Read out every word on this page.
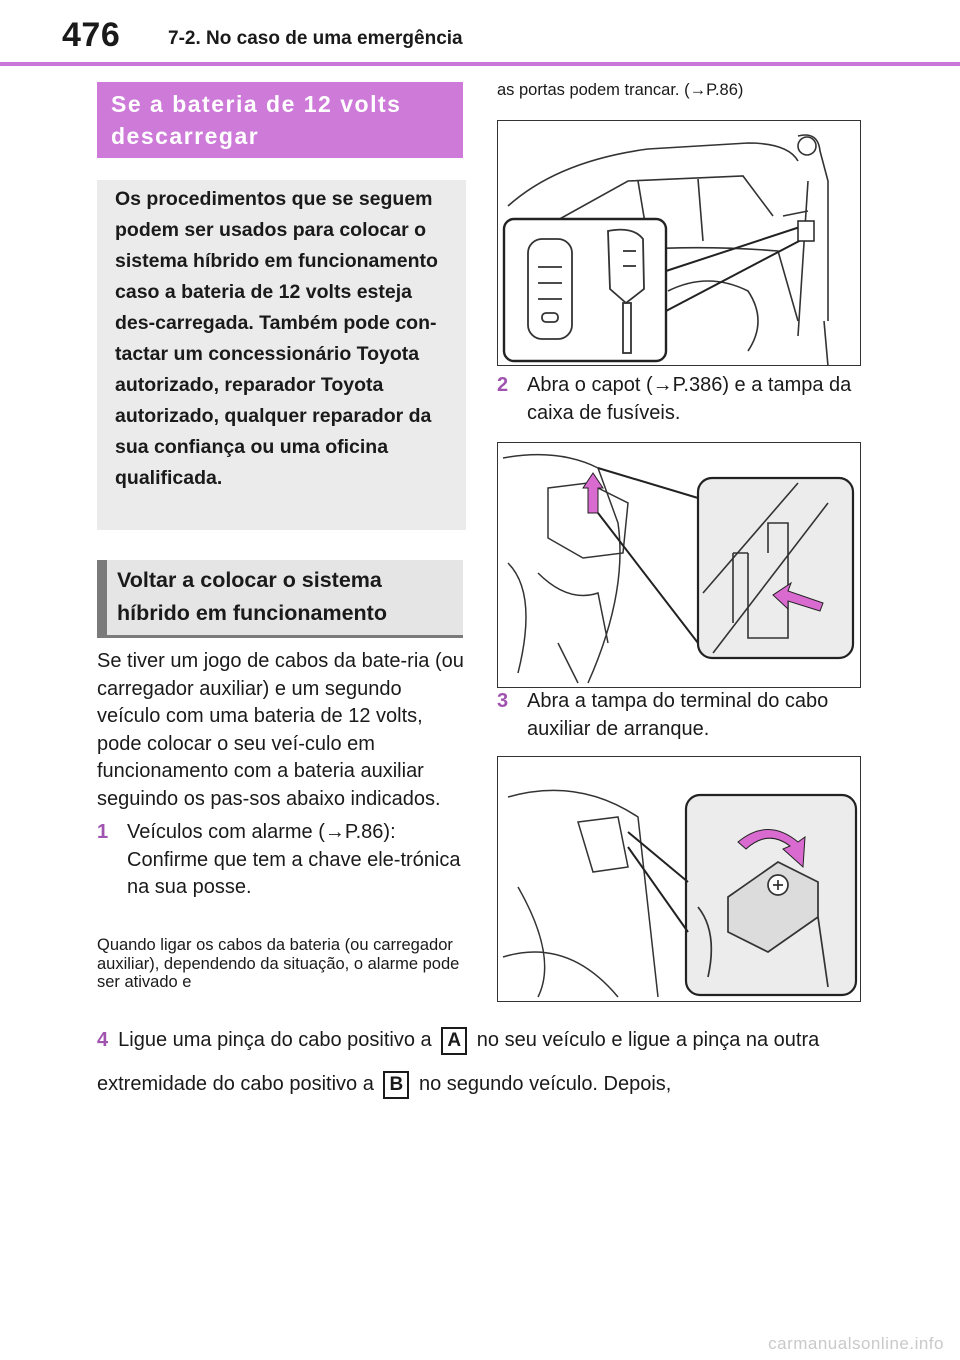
476	7-2. No caso de uma emergência
Se a bateria de 12 volts descarregar
Os procedimentos que se seguem podem ser usados para colocar o sistema híbrido em funcionamento caso a bateria de 12 volts esteja des-carregada. Também pode con-tactar um concessionário Toyota autorizado, reparador Toyota autorizado, qualquer reparador da sua confiança ou uma oficina qualificada.
Voltar a colocar o sistema híbrido em funcionamento
Se tiver um jogo de cabos da bate-ria (ou carregador auxiliar) e um segundo veículo com uma bateria de 12 volts, pode colocar o seu veí-culo em funcionamento com a bateria auxiliar seguindo os pas-sos abaixo indicados.
1 Veículos com alarme (→P.86): Confirme que tem a chave ele-trónica na sua posse.
Quando ligar os cabos da bateria (ou carregador auxiliar), dependendo da situação, o alarme pode ser ativado e
as portas podem trancar. (→P.86)
2 Abra o capot (→P.386) e a tampa da caixa de fusíveis.
3 Abra a tampa do terminal do cabo auxiliar de arranque.
4 Ligue uma pinça do cabo positivo a A no seu veículo e ligue a pinça na outra extremidade do cabo positivo a B no segundo veículo. Depois,
carmanualsonline.info
